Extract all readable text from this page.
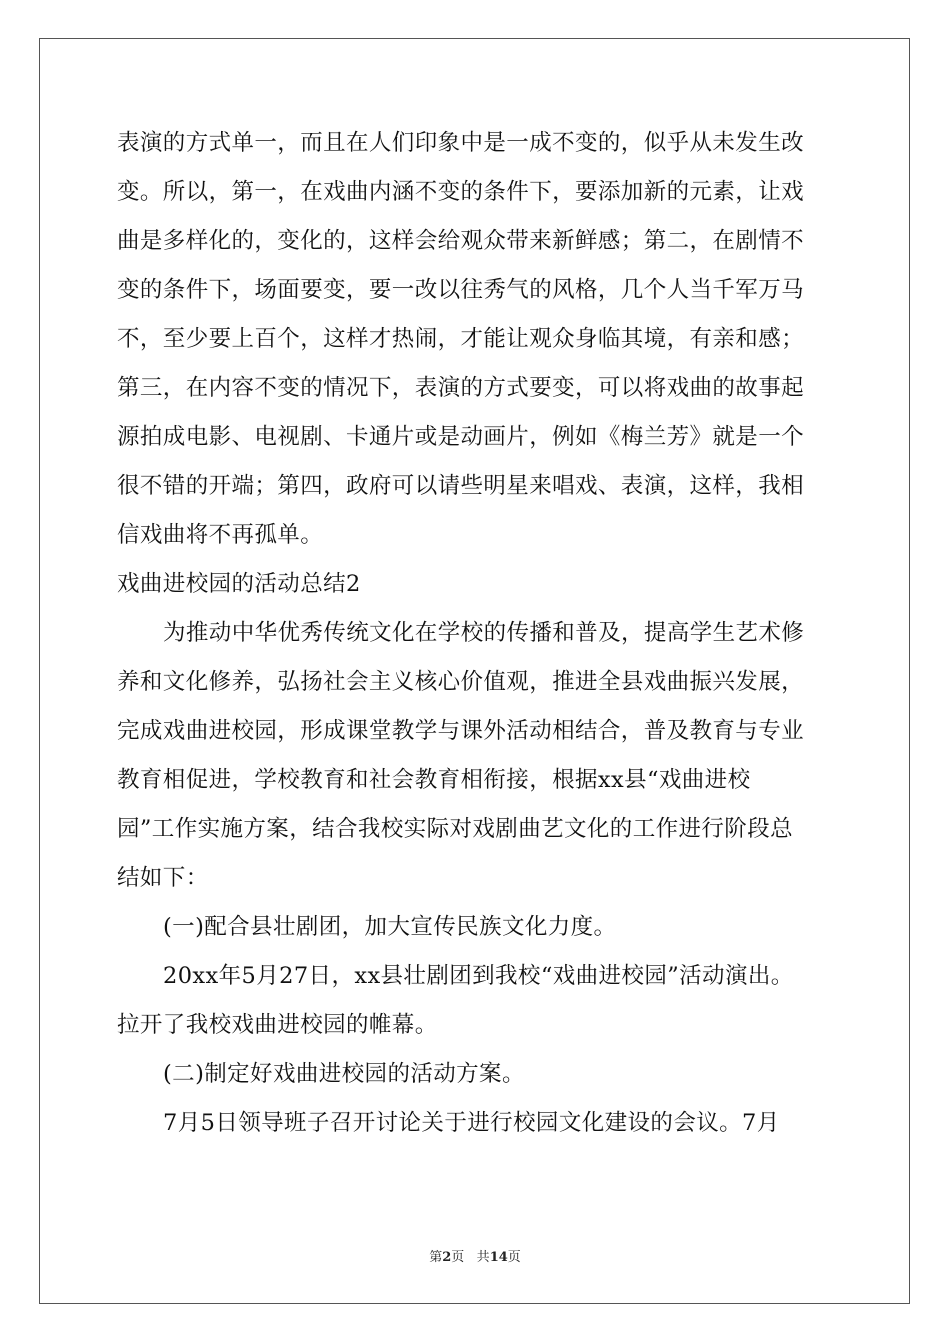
表演的方式单一，而且在人们印象中是一成不变的，似乎从未发生改
变。所以，第一，在戏曲内涵不变的条件下，要添加新的元素，让戏
曲是多样化的，变化的，这样会给观众带来新鲜感；第二，在剧情不
变的条件下，场面要变，要一改以往秀气的风格，几个人当千军万马
不，至少要上百个，这样才热闹，才能让观众身临其境，有亲和感；
第三，在内容不变的情况下，表演的方式要变，可以将戏曲的故事起
源拍成电影、电视剧、卡通片或是动画片，例如《梅兰芳》就是一个
很不错的开端；第四，政府可以请些明星来唱戏、表演，这样，我相
信戏曲将不再孤单。
戏曲进校园的活动总结2
为推动中华优秀传统文化在学校的传播和普及，提高学生艺术修
养和文化修养，弘扬社会主义核心价值观，推进全县戏曲振兴发展，
完成戏曲进校园，形成课堂教学与课外活动相结合，普及教育与专业
教育相促进，学校教育和社会教育相衔接，根据xx县“戏曲进校
园”工作实施方案，结合我校实际对戏剧曲艺文化的工作进行阶段总
结如下：
(一)配合县壮剧团，加大宣传民族文化力度。
20xx年5月27日，xx县壮剧团到我校“戏曲进校园”活动演出。
拉开了我校戏曲进校园的帷幕。
(二)制定好戏曲进校园的活动方案。
7月5日领导班子召开讨论关于进行校园文化建设的会议。7月
第2页 共14页
